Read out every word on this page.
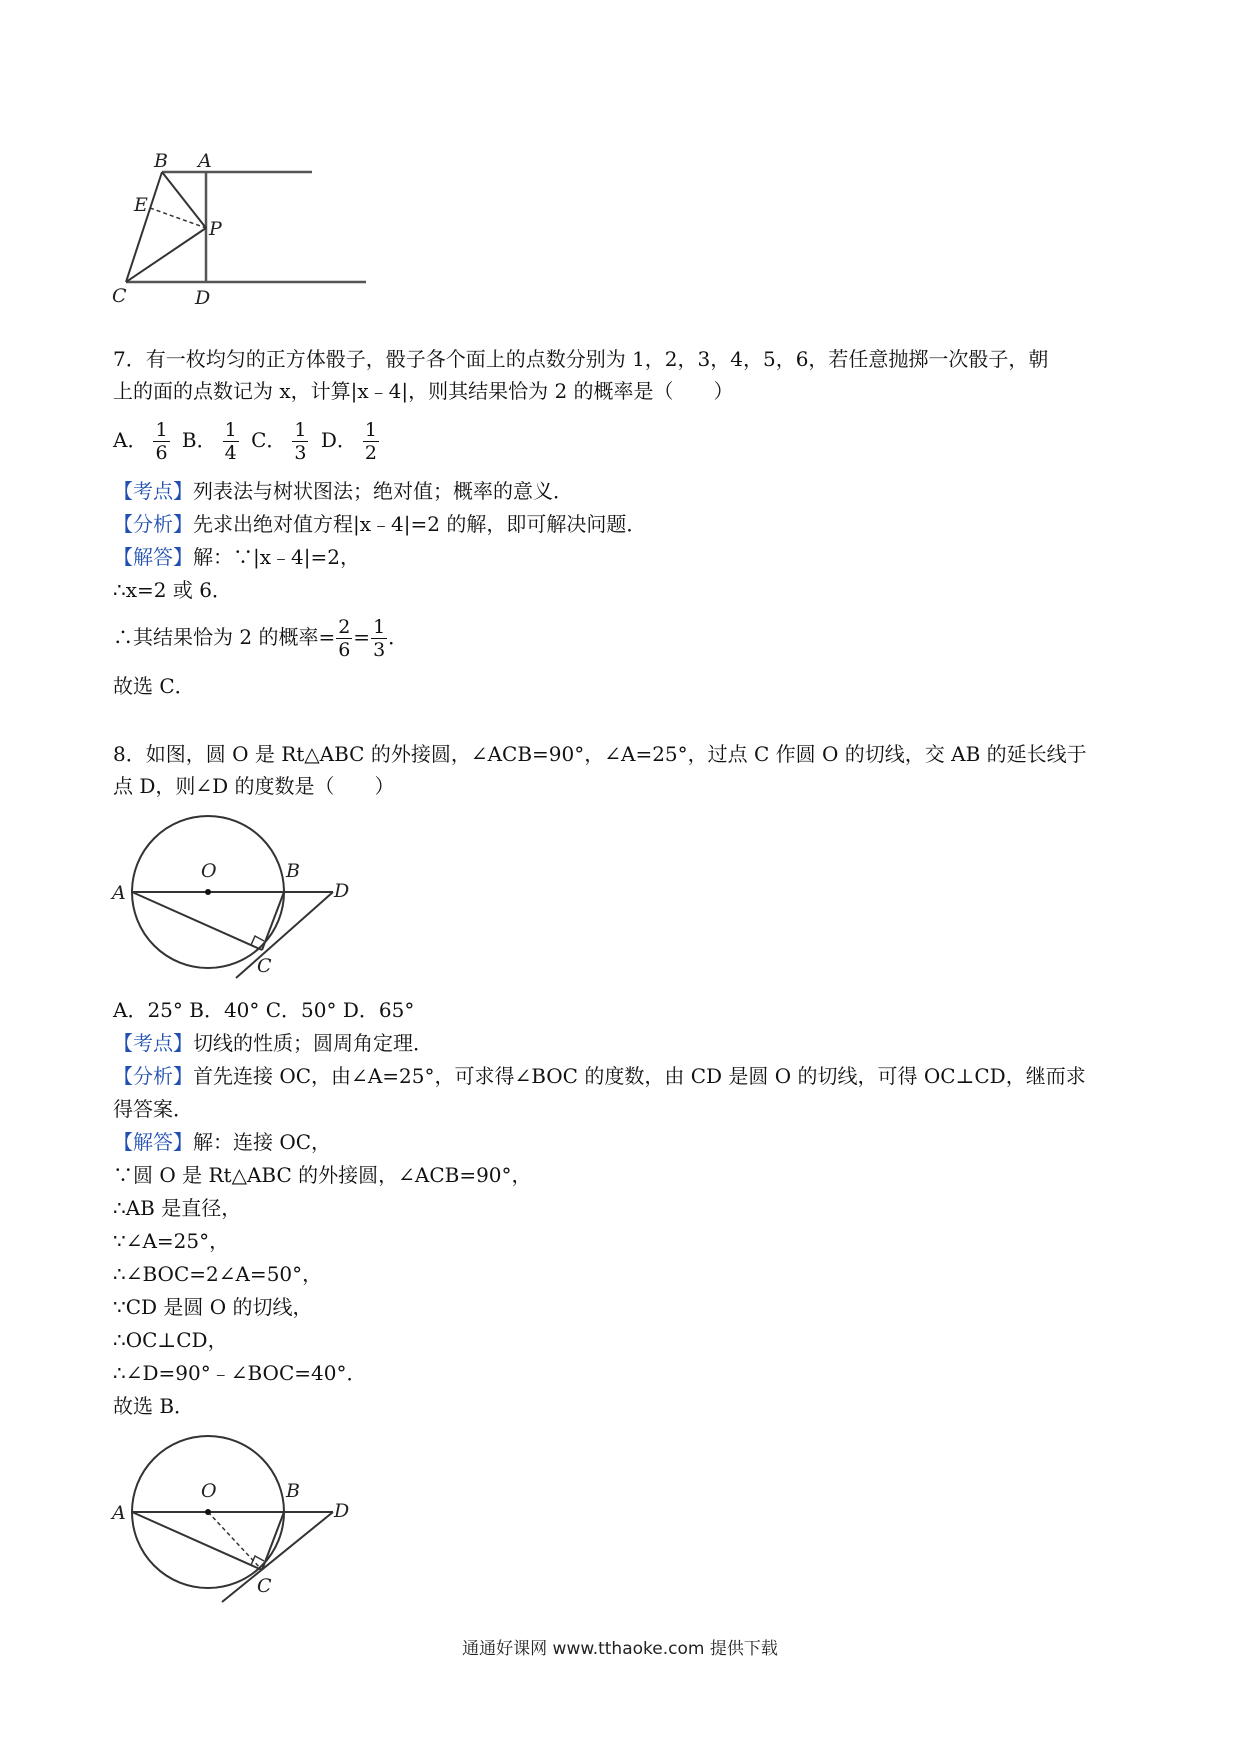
B A
E
P
C	D
7．有一枚均匀的正方体骰子，骰子各个面上的点数分别为 1，2，3，4，5，6，若任意抛掷一次骰子，朝
上的面的点数记为 x，计算|x﹣4|，则其结果恰为 2 的概率是（　　）
A． $\frac{1}{6}$ B． $\frac{1}{4}$ C． $\frac{1}{3}$ D． $\frac{1}{2}$
【考点】列表法与树状图法；绝对值；概率的意义．
【分析】先求出绝对值方程|x﹣4|=2 的解，即可解决问题．
【解答】解：∵|x﹣4|=2，
∴x=2 或 6．
∴其结果恰为 2 的概率= $\frac{2}{6} = \frac{1}{3}$ ．
故选 C．
8．如图，圆 O 是 Rt△ABC 的外接圆，∠ACB=90°，∠A=25°，过点 C 作圆 O 的切线，交 AB 的延长线于
点 D，则∠D 的度数是（　　）
A
O	B
D
C
A．25° B．40° C．50° D．65°
【考点】切线的性质；圆周角定理．
【分析】首先连接 OC，由∠A=25°，可求得∠BOC 的度数，由 CD 是圆 O 的切线，可得 OC⊥CD，继而求
得答案．
【解答】解：连接 OC，
∵圆 O 是 Rt△ABC 的外接圆，∠ACB=90°，
∴AB 是直径，
∵∠A=25°，
∴∠BOC=2∠A=50°，
∵CD 是圆 O 的切线，
∴OC⊥CD，
∴∠D=90°﹣∠BOC=40°．
故选 B．
A
O	B
D
C
通通好课网 www.tthaoke.com 提供下载
